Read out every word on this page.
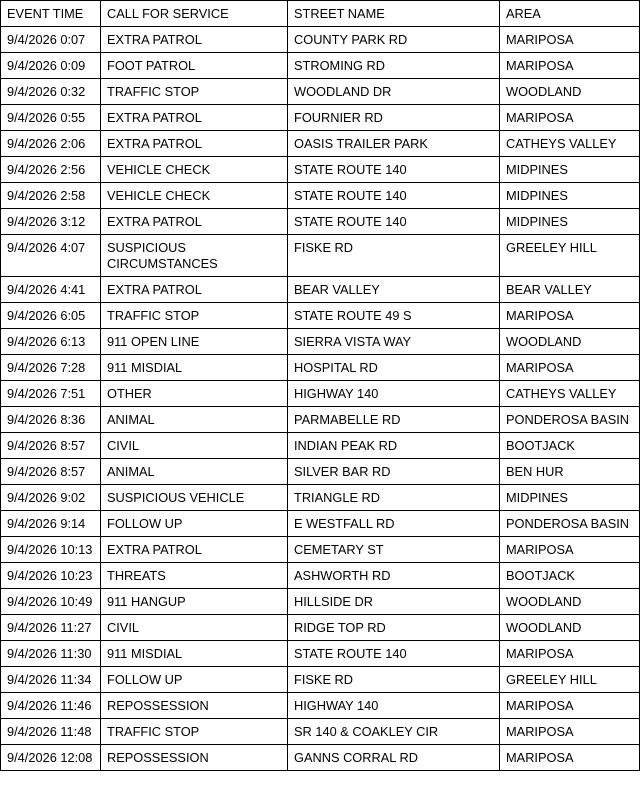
EVENT TIME	CALL FOR SERVICE	STREET NAME	AREA
9/4/2026 0:07	EXTRA PATROL	COUNTY PARK RD	MARIPOSA
9/4/2026 0:09	FOOT PATROL	STROMING RD	MARIPOSA
9/4/2026 0:32	TRAFFIC STOP	WOODLAND DR	WOODLAND
9/4/2026 0:55	EXTRA PATROL	FOURNIER RD	MARIPOSA
9/4/2026 2:06	EXTRA PATROL	OASIS TRAILER PARK	CATHEYS VALLEY
9/4/2026 2:56	VEHICLE CHECK	STATE ROUTE 140	MIDPINES
9/4/2026 2:58	VEHICLE CHECK	STATE ROUTE 140	MIDPINES
9/4/2026 3:12	EXTRA PATROL	STATE ROUTE 140	MIDPINES
9/4/2026 4:07	SUSPICIOUS CIRCUMSTANCES	FISKE RD	GREELEY HILL
9/4/2026 4:41	EXTRA PATROL	BEAR VALLEY	BEAR VALLEY
9/4/2026 6:05	TRAFFIC STOP	STATE ROUTE 49 S	MARIPOSA
9/4/2026 6:13	911 OPEN LINE	SIERRA VISTA WAY	WOODLAND
9/4/2026 7:28	911 MISDIAL	HOSPITAL RD	MARIPOSA
9/4/2026 7:51	OTHER	HIGHWAY 140	CATHEYS VALLEY
9/4/2026 8:36	ANIMAL	PARMABELLE RD	PONDEROSA BASIN
9/4/2026 8:57	CIVIL	INDIAN PEAK RD	BOOTJACK
9/4/2026 8:57	ANIMAL	SILVER BAR RD	BEN HUR
9/4/2026 9:02	SUSPICIOUS VEHICLE	TRIANGLE RD	MIDPINES
9/4/2026 9:14	FOLLOW UP	E WESTFALL RD	PONDEROSA BASIN
9/4/2026 10:13	EXTRA PATROL	CEMETARY ST	MARIPOSA
9/4/2026 10:23	THREATS	ASHWORTH RD	BOOTJACK
9/4/2026 10:49	911 HANGUP	HILLSIDE DR	WOODLAND
9/4/2026 11:27	CIVIL	RIDGE TOP RD	WOODLAND
9/4/2026 11:30	911 MISDIAL	STATE ROUTE 140	MARIPOSA
9/4/2026 11:34	FOLLOW UP	FISKE RD	GREELEY HILL
9/4/2026 11:46	REPOSSESSION	HIGHWAY 140	MARIPOSA
9/4/2026 11:48	TRAFFIC STOP	SR 140 & COAKLEY CIR	MARIPOSA
9/4/2026 12:08	REPOSSESSION	GANNS CORRAL RD	MARIPOSA
